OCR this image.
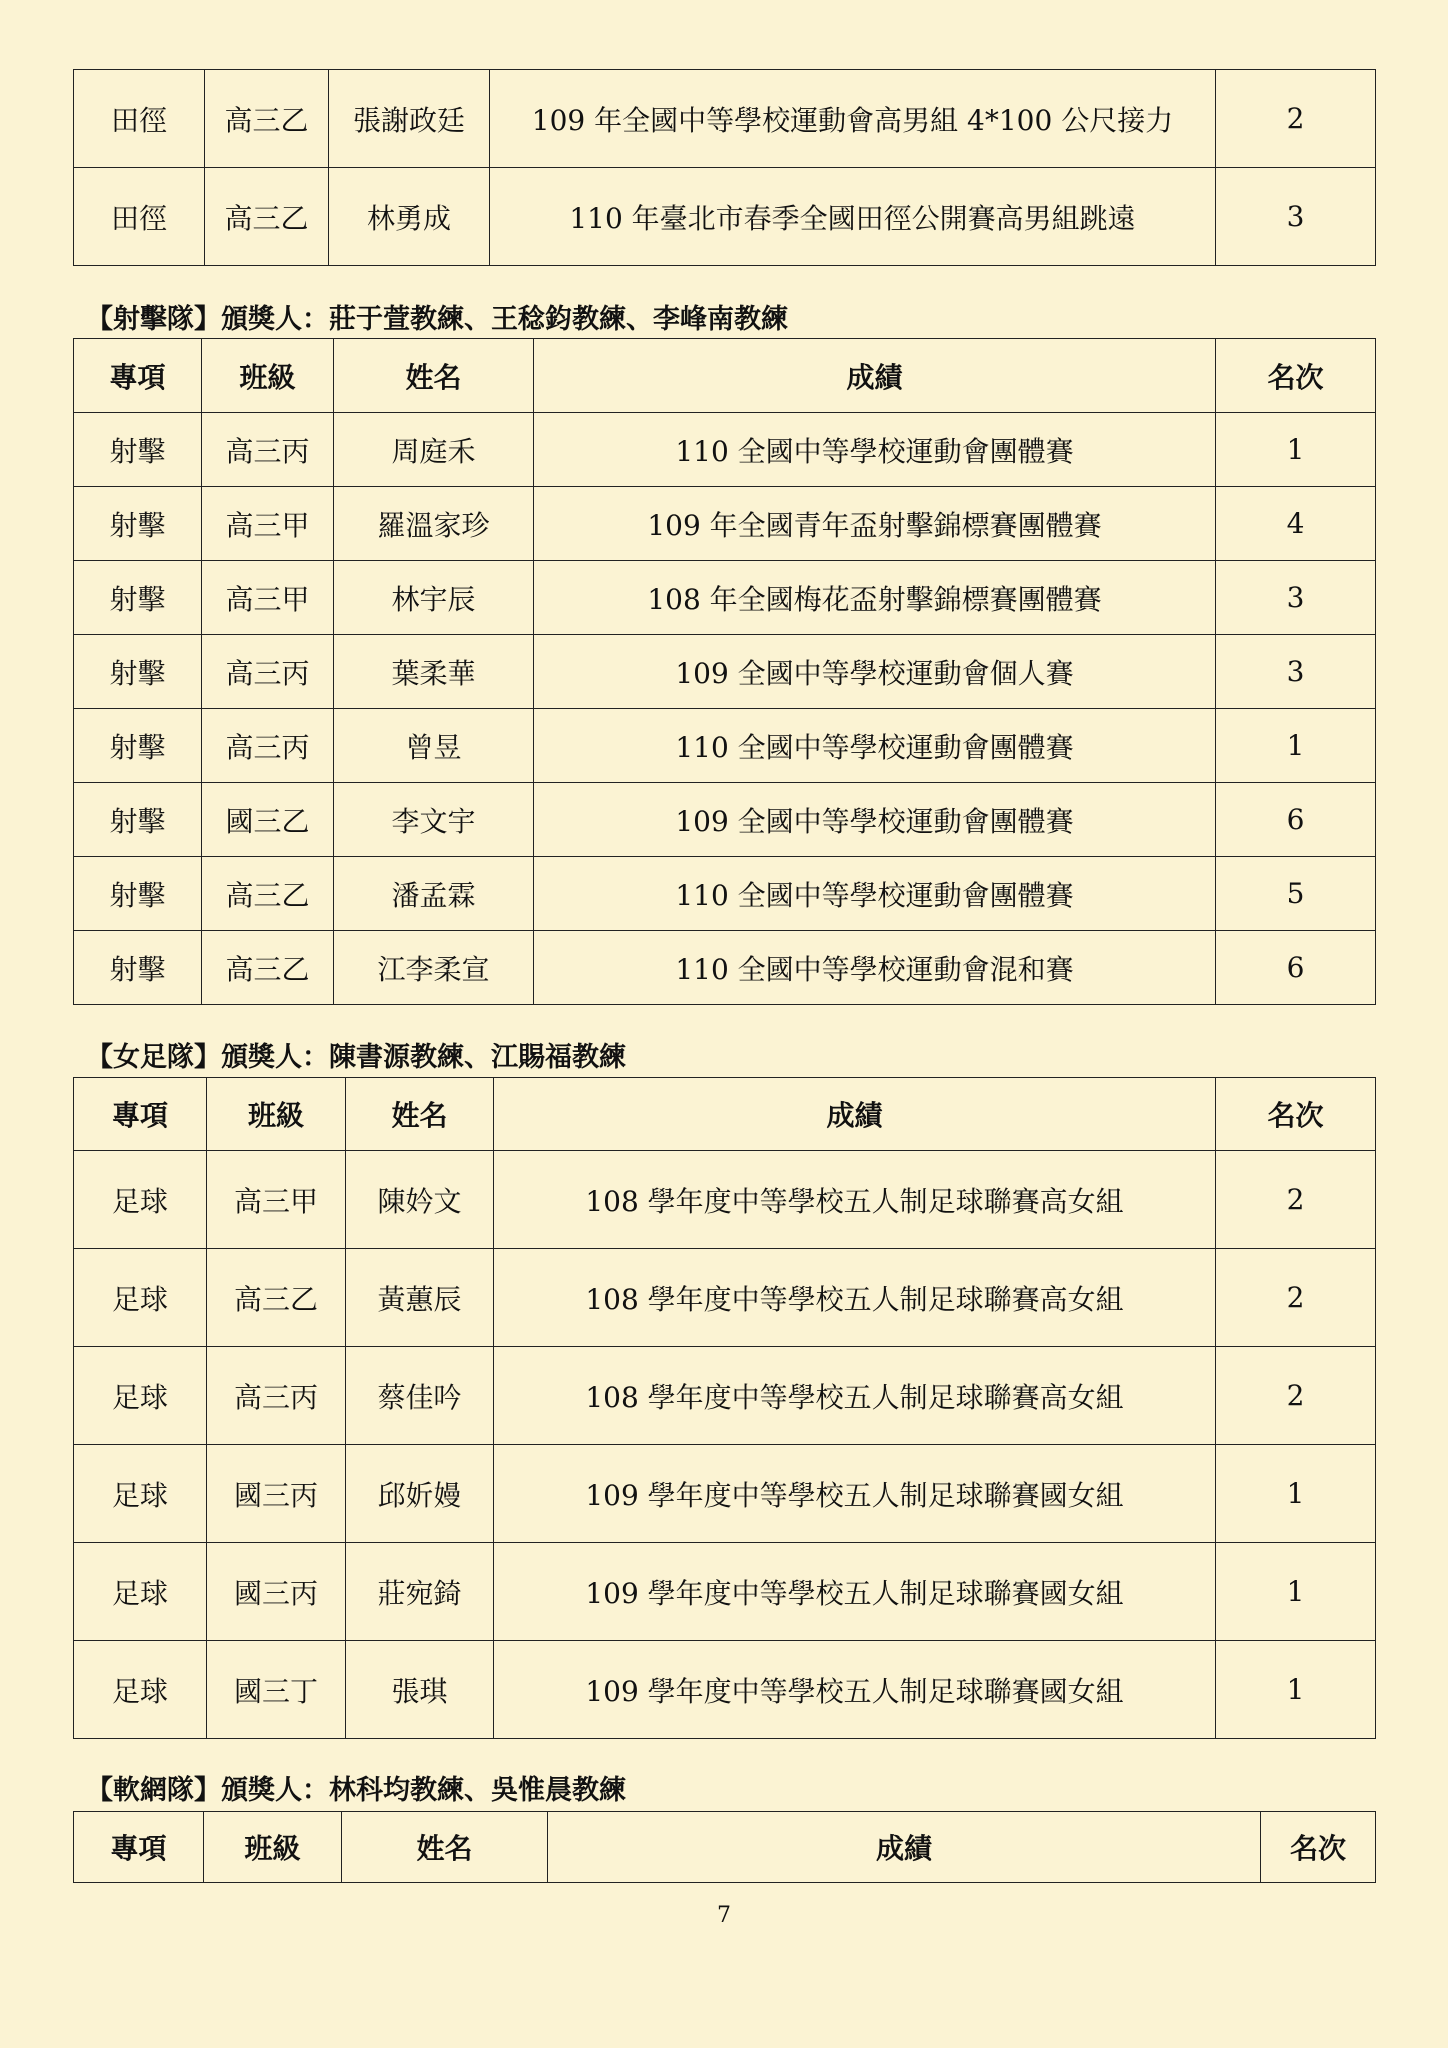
田徑	高三乙	張謝政廷	109 年全國中等學校運動會高男組 4*100 公尺接力	2
田徑	高三乙	林勇成	110 年臺北市春季全國田徑公開賽高男組跳遠	3
【射擊隊】頒獎人：莊于萱教練、王稔鈞教練、李峰南教練
專項	班級	姓名	成績	名次
射擊	高三丙	周庭禾	110 全國中等學校運動會團體賽	1
射擊	高三甲	羅溫家珍	109 年全國青年盃射擊錦標賽團體賽	4
射擊	高三甲	林宇辰	108 年全國梅花盃射擊錦標賽團體賽	3
射擊	高三丙	葉柔華	109 全國中等學校運動會個人賽	3
射擊	高三丙	曾昱	110 全國中等學校運動會團體賽	1
射擊	國三乙	李文宇	109 全國中等學校運動會團體賽	6
射擊	高三乙	潘孟霖	110 全國中等學校運動會團體賽	5
射擊	高三乙	江李柔宣	110 全國中等學校運動會混和賽	6
【女足隊】頒獎人：陳書源教練、江賜福教練
專項	班級	姓名	成績	名次
足球	高三甲	陳妗文	108 學年度中等學校五人制足球聯賽高女組	2
足球	高三乙	黃蕙辰	108 學年度中等學校五人制足球聯賽高女組	2
足球	高三丙	蔡佳吟	108 學年度中等學校五人制足球聯賽高女組	2
足球	國三丙	邱妡嫚	109 學年度中等學校五人制足球聯賽國女組	1
足球	國三丙	莊宛錡	109 學年度中等學校五人制足球聯賽國女組	1
足球	國三丁	張琪	109 學年度中等學校五人制足球聯賽國女組	1
【軟網隊】頒獎人：林科均教練、吳惟晨教練
專項	班級	姓名	成績	名次
7
